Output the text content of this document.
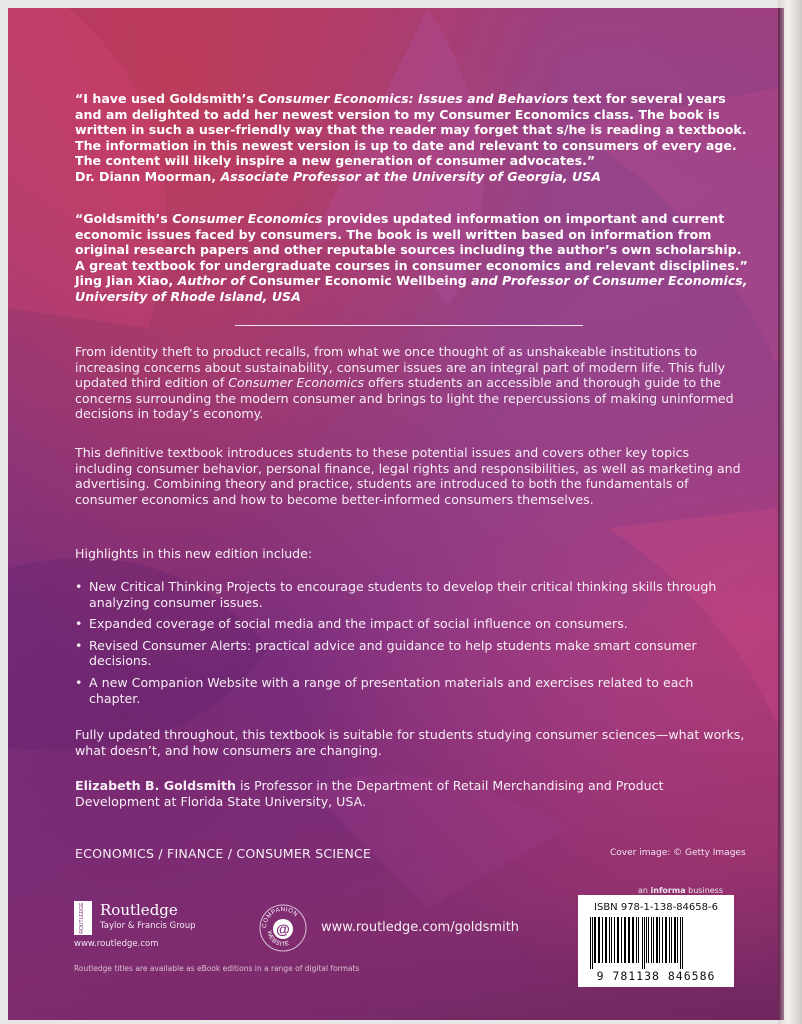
“I have used Goldsmith’s Consumer Economics: Issues and Behaviors text for several years and am delighted to add her newest version to my Consumer Economics class. The book is written in such a user-friendly way that the reader may forget that s/he is reading a textbook. The information in this newest version is up to date and relevant to consumers of every age. The content will likely inspire a new generation of consumer advocates.”
Dr. Diann Moorman, Associate Professor at the University of Georgia, USA
“Goldsmith’s Consumer Economics provides updated information on important and current economic issues faced by consumers. The book is well written based on information from original research papers and other reputable sources including the author’s own scholarship. A great textbook for undergraduate courses in consumer economics and relevant disciplines.”
Jing Jian Xiao, Author of Consumer Economic Wellbeing and Professor of Consumer Economics, University of Rhode Island, USA

From identity theft to product recalls, from what we once thought of as unshakeable institutions to increasing concerns about sustainability, consumer issues are an integral part of modern life. This fully updated third edition of Consumer Economics offers students an accessible and thorough guide to the concerns surrounding the modern consumer and brings to light the repercussions of making uninformed decisions in today’s economy.

This definitive textbook introduces students to these potential issues and covers other key topics including consumer behavior, personal finance, legal rights and responsibilities, as well as marketing and advertising. Combining theory and practice, students are introduced to both the fundamentals of consumer economics and how to become better-informed consumers themselves.

Highlights in this new edition include:

• New Critical Thinking Projects to encourage students to develop their critical thinking skills through analyzing consumer issues.
• Expanded coverage of social media and the impact of social influence on consumers.
• Revised Consumer Alerts: practical advice and guidance to help students make smart consumer decisions.
• A new Companion Website with a range of presentation materials and exercises related to each chapter.

Fully updated throughout, this textbook is suitable for students studying consumer sciences—what works, what doesn’t, and how consumers are changing.

Elizabeth B. Goldsmith is Professor in the Department of Retail Merchandising and Product Development at Florida State University, USA.

ECONOMICS / FINANCE / CONSUMER SCIENCE	Cover image: © Getty Images
an informa business
ROUTLEDGE Routledge
Taylor & Francis Group
www.routledge.com
COMPANION
WEBSITE
@ www.routledge.com/goldsmith
Routledge titles are available as eBook editions in a range of digital formats
ISBN 978-1-138-84658-6
9 781138 846586
